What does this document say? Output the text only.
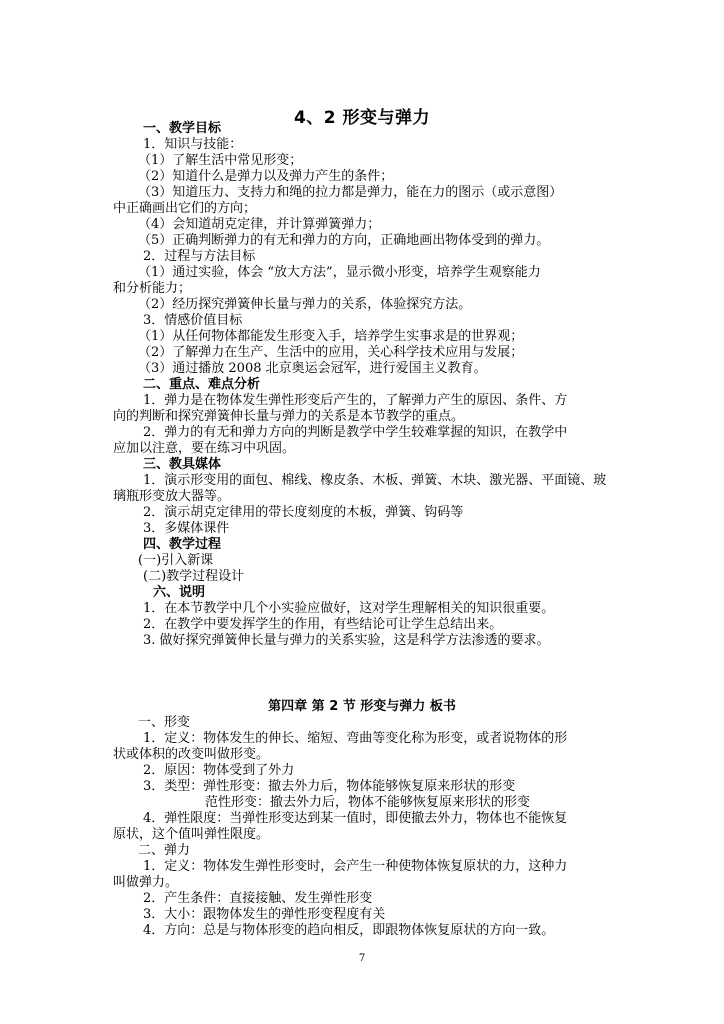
4、2 形变与弹力
一、教学目标
1．知识与技能：
（1）了解生活中常见形变；
（2）知道什么是弹力以及弹力产生的条件；
（3）知道压力、支持力和绳的拉力都是弹力，能在力的图示（或示意图）
中正确画出它们的方向；
（4）会知道胡克定律，并计算弹簧弹力；
（5）正确判断弹力的有无和弹力的方向，正确地画出物体受到的弹力。
2．过程与方法目标
（1）通过实验，体会 “放大方法”，显示微小形变，培养学生观察能力
和分析能力；
（2）经历探究弹簧伸长量与弹力的关系，体验探究方法。
3．情感价值目标
（1）从任何物体都能发生形变入手，培养学生实事求是的世界观；
（2）了解弹力在生产、生活中的应用，关心科学技术应用与发展；
（3）通过播放 2008 北京奥运会冠军，进行爱国主义教育。
二、重点、难点分析
1．弹力是在物体发生弹性形变后产生的，了解弹力产生的原因、条件、方
向的判断和探究弹簧伸长量与弹力的关系是本节教学的重点。
2．弹力的有无和弹力方向的判断是教学中学生较难掌握的知识，在教学中
应加以注意，要在练习中巩固。
三、教具媒体
1．演示形变用的面包、棉线、橡皮条、木板、弹簧、木块、激光器、平面镜、玻
璃瓶形变放大器等。
2．演示胡克定律用的带长度刻度的木板，弹簧、钩码等
3．多媒体课件
四、教学过程
(一)引入新课
(二)教学过程设计
六、说明
1．在本节教学中几个小实验应做好，这对学生理解相关的知识很重要。
2．在教学中要发挥学生的作用，有些结论可让学生总结出来。
3. 做好探究弹簧伸长量与弹力的关系实验，这是科学方法渗透的要求。
第四章 第 2 节 形变与弹力 板书
一、形变
1．定义：物体发生的伸长、缩短、弯曲等变化称为形变，或者说物体的形
状或体积的改变叫做形变。
2．原因：物体受到了外力
3．类型：弹性形变：撤去外力后，物体能够恢复原来形状的形变
范性形变：撤去外力后，物体不能够恢复原来形状的形变
4．弹性限度：当弹性形变达到某一值时，即使撤去外力，物体也不能恢复
原状，这个值叫弹性限度。
二、弹力
1．定义：物体发生弹性形变时，会产生一种使物体恢复原状的力，这种力
叫做弹力。
2．产生条件：直接接触、发生弹性形变
3．大小：跟物体发生的弹性形变程度有关
4．方向：总是与物体形变的趋向相反，即跟物体恢复原状的方向一致。
7
